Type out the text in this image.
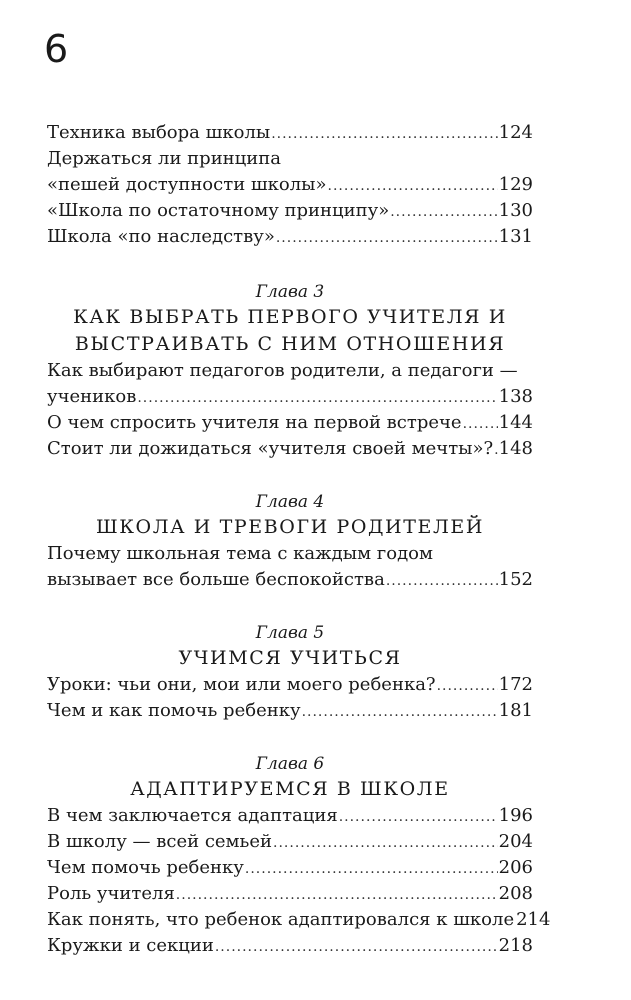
6
Техника выбора школы .....	124
Держаться ли принципа
«пешей доступности школы» .....	129
«Школа по остаточному принципу» .....	130
Школа «по наследству» .....	131
Глава 3
КАК ВЫБРАТЬ ПЕРВОГО УЧИТЕЛЯ И
ВЫСТРАИВАТЬ С НИМ ОТНОШЕНИЯ
Как выбирают педагогов родители, а педагоги —
учеников .....	138
О чем спросить учителя на первой встрече ..... 144
Стоит ли дожидаться «учителя своей мечты»? ..... 148
Глава 4
ШКОЛА И ТРЕВОГИ РОДИТЕЛЕЙ
Почему школьная тема с каждым годом
вызывает все больше беспокойства .....	152
Глава 5
УЧИМСЯ УЧИТЬСЯ
Уроки: чьи они, мои или моего ребенка? .....	172
Чем и как помочь ребенку .....	181
Глава 6
АДАПТИРУЕМСЯ В ШКОЛЕ
В чем заключается адаптация .....	196
В школу — всей семьей .....	204
Чем помочь ребенку .....	206
Роль учителя .....	208
Как понять, что ребенок адаптировался к школе 214
Кружки и секции .....	218
